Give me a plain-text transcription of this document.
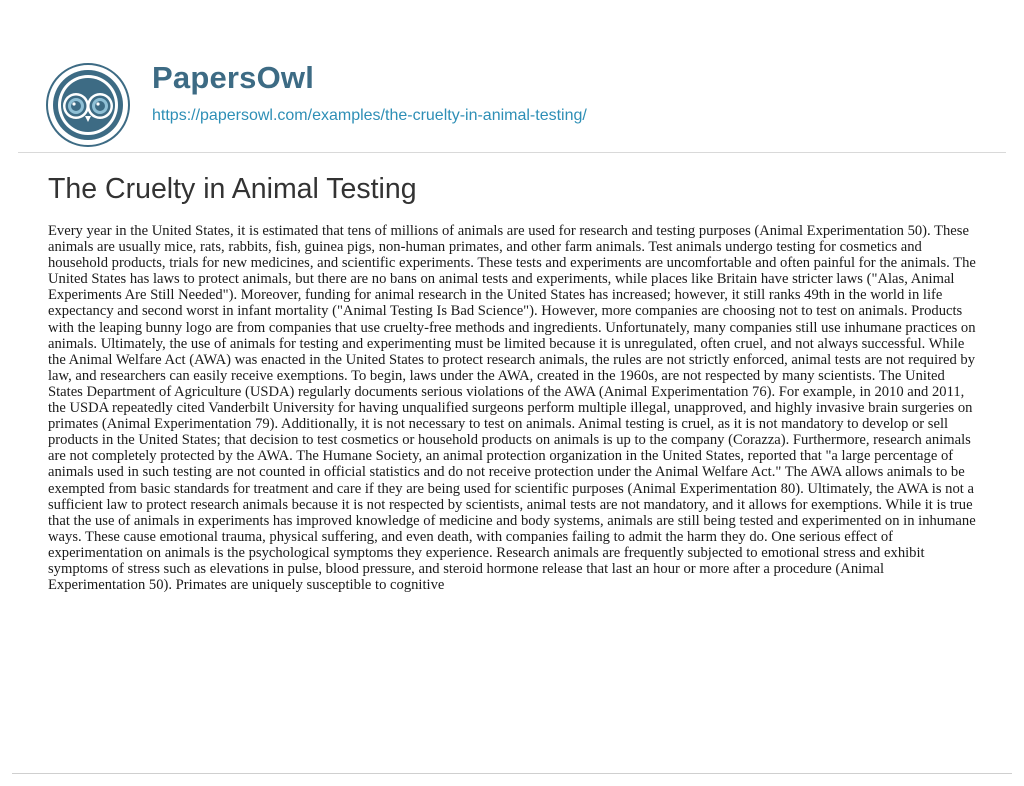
PapersOwl
https://papersowl.com/examples/the-cruelty-in-animal-testing/
The Cruelty in Animal Testing

Every year in the United States, it is estimated that tens of millions of animals are used for research and testing purposes (Animal Experimentation 50). These animals are usually mice, rats, rabbits, fish, guinea pigs, non-human primates, and other farm animals. Test animals undergo testing for cosmetics and household products, trials for new medicines, and scientific experiments. These tests and experiments are uncomfortable and often painful for the animals. The United States has laws to protect animals, but there are no bans on animal tests and experiments, while places like Britain have stricter laws ("Alas, Animal Experiments Are Still Needed"). Moreover, funding for animal research in the United States has increased; however, it still ranks 49th in the world in life expectancy and second worst in infant mortality ("Animal Testing Is Bad Science"). However, more companies are choosing not to test on animals. Products with the leaping bunny logo are from companies that use cruelty-free methods and ingredients. Unfortunately, many companies still use inhumane practices on animals. Ultimately, the use of animals for testing and experimenting must be limited because it is unregulated, often cruel, and not always successful. While the Animal Welfare Act (AWA) was enacted in the United States to protect research animals, the rules are not strictly enforced, animal tests are not required by law, and researchers can easily receive exemptions. To begin, laws under the AWA, created in the 1960s, are not respected by many scientists. The United States Department of Agriculture (USDA) regularly documents serious violations of the AWA (Animal Experimentation 76). For example, in 2010 and 2011, the USDA repeatedly cited Vanderbilt University for having unqualified surgeons perform multiple illegal, unapproved, and highly invasive brain surgeries on primates (Animal Experimentation 79). Additionally, it is not necessary to test on animals. Animal testing is cruel, as it is not mandatory to develop or sell products in the United States; that decision to test cosmetics or household products on animals is up to the company (Corazza). Furthermore, research animals are not completely protected by the AWA. The Humane Society, an animal protection organization in the United States, reported that "a large percentage of animals used in such testing are not counted in official statistics and do not receive protection under the Animal Welfare Act." The AWA allows animals to be exempted from basic standards for treatment and care if they are being used for scientific purposes (Animal Experimentation 80). Ultimately, the AWA is not a sufficient law to protect research animals because it is not respected by scientists, animal tests are not mandatory, and it allows for exemptions. While it is true that the use of animals in experiments has improved knowledge of medicine and body systems, animals are still being tested and experimented on in inhumane ways. These cause emotional trauma, physical suffering, and even death, with companies failing to admit the harm they do. One serious effect of experimentation on animals is the psychological symptoms they experience. Research animals are frequently subjected to emotional stress and exhibit symptoms of stress such as elevations in pulse, blood pressure, and steroid hormone release that last an hour or more after a procedure (Animal Experimentation 50). Primates are uniquely susceptible to cognitive
